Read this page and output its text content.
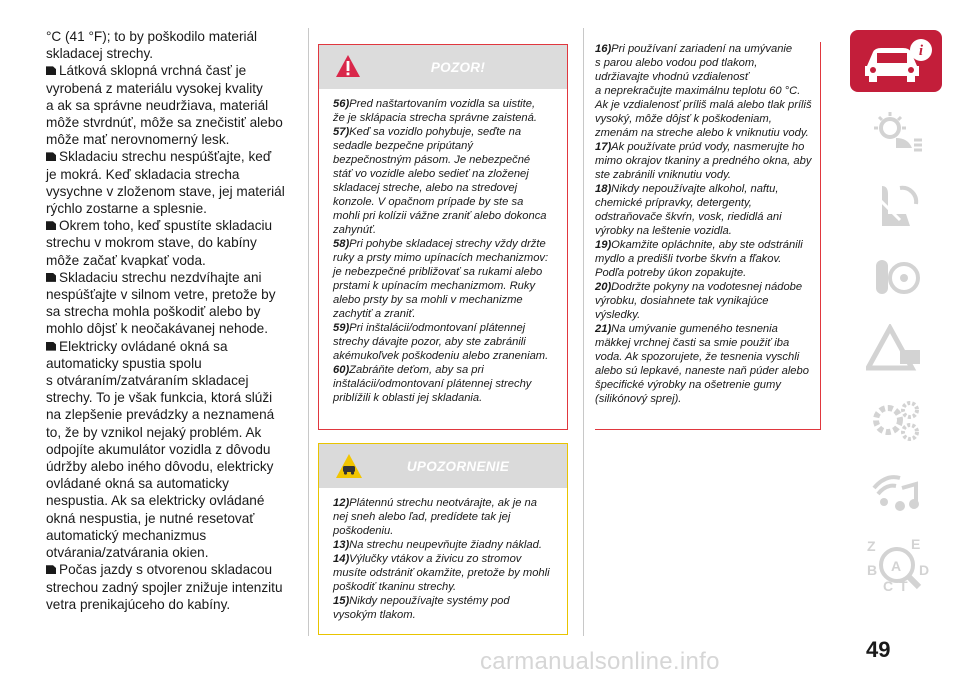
°C (41 °F); to by poškodilo materiál
skladacej strechy.
Látková sklopná vrchná časť je
vyrobená z materiálu vysokej kvality
a ak sa správne neudržiava, materiál
môže stvrdnúť, môže sa znečistiť alebo
môže mať nerovnomerný lesk.
Skladaciu strechu nespúšťajte, keď
je mokrá. Keď skladacia strecha
vysychne v zloženom stave, jej materiál
rýchlo zostarne a splesnie.
Okrem toho, keď spustíte skladaciu
strechu v mokrom stave, do kabíny
môže začať kvapkať voda.
Skladaciu strechu nezdvíhajte ani
nespúšťajte v silnom vetre, pretože by
sa strecha mohla poškodiť alebo by
mohlo dôjsť k neočakávanej nehode.
Elektricky ovládané okná sa
automaticky spustia spolu
s otváraním/zatváraním skladacej
strechy. To je však funkcia, ktorá slúži
na zlepšenie prevádzky a neznamená
to, že by vznikol nejaký problém. Ak
odpojíte akumulátor vozidla z dôvodu
údržby alebo iného dôvodu, elektricky
ovládané okná sa automaticky
nespustia. Ak sa elektricky ovládané
okná nespustia, je nutné resetovať
automatický mechanizmus
otvárania/zatvárania okien.
Počas jazdy s otvorenou skladacou
strechou zadný spojler znižuje intenzitu
vetra prenikajúceho do kabíny.
POZOR!
56)Pred naštartovaním vozidla sa uistite,
že je sklápacia strecha správne zaistená.
57)Keď sa vozidlo pohybuje, seďte na
sedadle bezpečne pripútaný
bezpečnostným pásom. Je nebezpečné
stáť vo vozidle alebo sedieť na zloženej
skladacej streche, alebo na stredovej
konzole. V opačnom prípade by ste sa
mohli pri kolízii vážne zraniť alebo dokonca
zahynúť.
58)Pri pohybe skladacej strechy vždy držte
ruky a prsty mimo upínacích mechanizmov:
je nebezpečné približovať sa rukami alebo
prstami k upínacím mechanizmom. Ruky
alebo prsty by sa mohli v mechanizme
zachytiť a zraniť.
59)Pri inštalácii/odmontovaní plátennej
strechy dávajte pozor, aby ste zabránili
akémukoľvek poškodeniu alebo zraneniam.
60)Zabráňte deťom, aby sa pri
inštalácii/odmontovaní plátennej strechy
priblížili k oblasti jej skladania.
UPOZORNENIE
12)Plátennú strechu neotvárajte, ak je na
nej sneh alebo ľad, predídete tak jej
poškodeniu.
13)Na strechu neupevňujte žiadny náklad.
14)Výlučky vtákov a živicu zo stromov
musíte odstrániť okamžite, pretože by mohli
poškodiť tkaninu strechy.
15)Nikdy nepoužívajte systémy pod
vysokým tlakom.
16)Pri používaní zariadení na umývanie
s parou alebo vodou pod tlakom,
udržiavajte vhodnú vzdialenosť
a neprekračujte maximálnu teplotu 60 °C.
Ak je vzdialenosť príliš malá alebo tlak príliš
vysoký, môže dôjsť k poškodeniam,
zmenám na streche alebo k vniknutiu vody.
17)Ak používate prúd vody, nasmerujte ho
mimo okrajov tkaniny a predného okna, aby
ste zabránili vniknutiu vody.
18)Nikdy nepoužívajte alkohol, naftu,
chemické prípravky, detergenty,
odstraňovače škvŕn, vosk, riedidlá ani
výrobky na leštenie vozidla.
19)Okamžite opláchnite, aby ste odstránili
mydlo a predišli tvorbe škvŕn a fľakov.
Podľa potreby úkon zopakujte.
20)Dodržte pokyny na vodotesnej nádobe
výrobku, dosiahnete tak vynikajúce
výsledky.
21)Na umývanie gumeného tesnenia
mäkkej vrchnej časti sa smie použiť iba
voda. Ak spozorujete, že tesnenia vyschli
alebo sú lepkavé, naneste naň púder alebo
špecifické výrobky na ošetrenie gumy
(silikónový sprej).
i
Z	E
B A
C T
D
49
carmanualsonline.info
